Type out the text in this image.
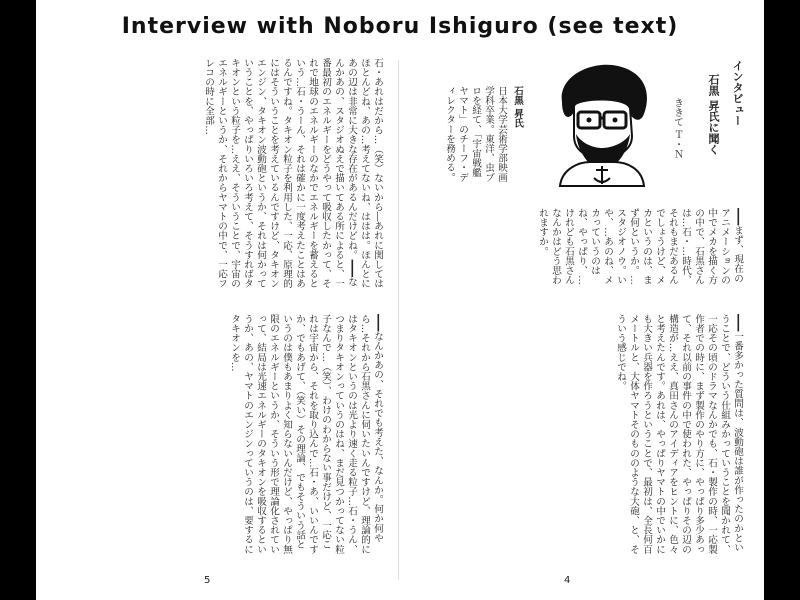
Interview with Noboru Ishiguro (see text)
石・あれはだから…（笑）ないから―あれに関してはほとんどね、あの…考えてないね、ははは。ほんとにあの辺は非常に大きな存在があるんだけどね。━━━なんかあの、スタジオぬえで描いてある所によると、一番最初のエネルギーをどうやって吸収したかって、それで地球のエネルギーのなかでエネルギーを蓄えるという…石・うーん、それは確かに一度考えたことはあるんですね。タキオン粒子を利用した、一応、原理的にはそういうことを考えているんですけど、タキオンエンジン、タキオン波動砲というか、それは何かっていうことを、やっぱりいろいろ考えて、そうすればタキオンという粒子を…ええ、そういうことで、宇宙のエネルギーというか、それからヤマトの中で、一応フレコの時に全部…
━━━なんかあの、それでも考えた、なんか。何か何やら…それから石黒さんに伺いたいんですけど、理論的にはタキオンというのは光より速く走る粒子…石・うん、つまりタキオンっていうのはね、まだ見つかってない粒子なんで…（笑）、わけのわからない事だけど、一応これは宇宙から、それを取り込んで…石・あ、いいんですか、でもあげて、（笑い）その理論、でもそういう話というのは僕もあまりよく知らないんだけど、やっぱり無限のエネルギーというか、そういう形で理論化されていって、結局は光速エネルギーのタキオンを吸収するというか、あの、ヤマトのエンジンっていうのは、要するにタキオンを…
インタビュー
石黒 昇氏に聞く
ききて Ｔ・Ｎ
石黒 昇氏
日本大学芸術学部映画学科卒業。東洋、虫プロを経て、「宇宙戦艦ヤマト」のチーフ・ディレクターを務める。
━━━まず、現在のアニメーションの中でメカを描く方の中で、石黒さんは…石・…時代、それもまだあるんでしょうけど、メカというのは、まず何というか。…スタジオノウ。いや、…あのね、メカっていうのはね、やっぱり、…けれども石黒さんなんかはどう思われますか。
━━━一番多かった質問は、波動砲は誰が作ったのかということで、どういう仕組みかっていうことを聞かれて、一応その頃のドラマなんかでも、石・製作の時、一応製作者での時に、まず製作のやり方に、やっぱり多少あって、それ以前の事件の中で使われた、やっぱりその辺の構造が…ええ、真田さんのアイディアをヒントに、色々と考えたんです。あれは、やっぱりヤマトの中でいかにも大きい兵器を作ろうということで、最初は、全長何百メートルと、大体ヤマトそのもののような大砲、と、そういう感じでね。
5	4
